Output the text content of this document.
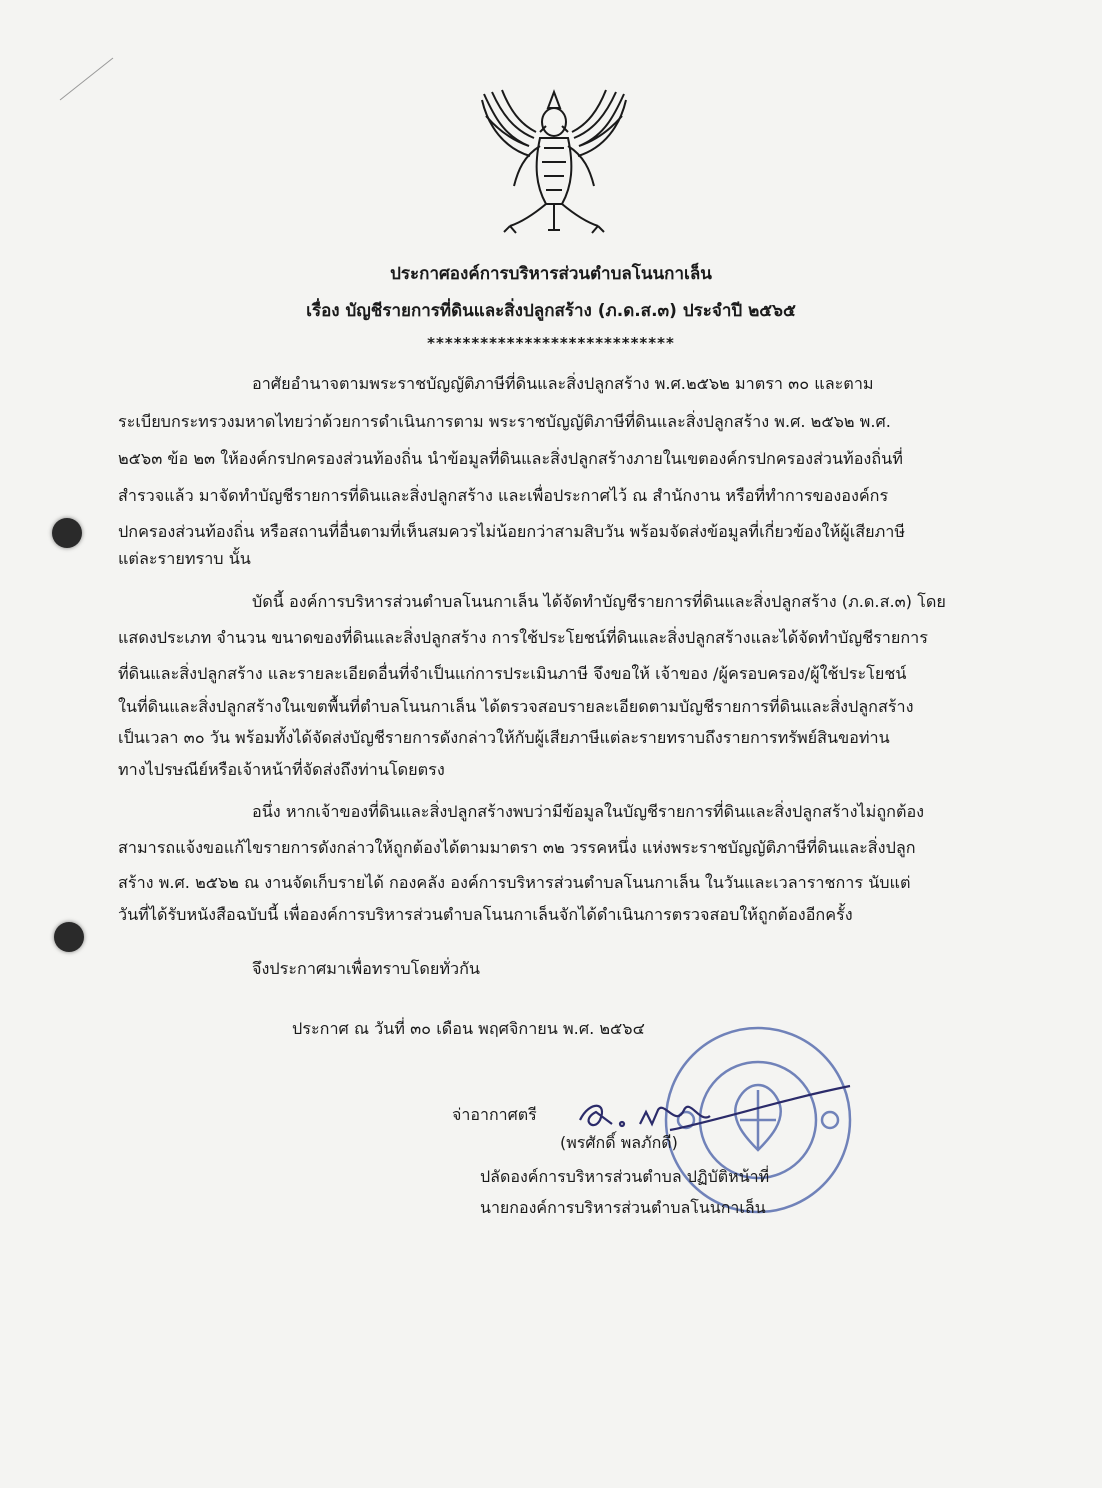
ประกาศองค์การบริหารส่วนตำบลโนนกาเล็น
เรื่อง บัญชีรายการที่ดินและสิ่งปลูกสร้าง (ภ.ด.ส.๓) ประจำปี ๒๕๖๕
****************************
อาศัยอำนาจตามพระราชบัญญัติภาษีที่ดินและสิ่งปลูกสร้าง พ.ศ.๒๕๖๒ มาตรา ๓๐ และตาม
ระเบียบกระทรวงมหาดไทยว่าด้วยการดำเนินการตาม พระราชบัญญัติภาษีที่ดินและสิ่งปลูกสร้าง พ.ศ. ๒๕๖๒ พ.ศ.
๒๕๖๓ ข้อ ๒๓ ให้องค์กรปกครองส่วนท้องถิ่น นำข้อมูลที่ดินและสิ่งปลูกสร้างภายในเขตองค์กรปกครองส่วนท้องถิ่นที่
สำรวจแล้ว มาจัดทำบัญชีรายการที่ดินและสิ่งปลูกสร้าง และเพื่อประกาศไว้ ณ สำนักงาน หรือที่ทำการขององค์กร
ปกครองส่วนท้องถิ่น หรือสถานที่อื่นตามที่เห็นสมควรไม่น้อยกว่าสามสิบวัน พร้อมจัดส่งข้อมูลที่เกี่ยวข้องให้ผู้เสียภาษี
แต่ละรายทราบ นั้น
บัดนี้ องค์การบริหารส่วนตำบลโนนกาเล็น ได้จัดทำบัญชีรายการที่ดินและสิ่งปลูกสร้าง (ภ.ด.ส.๓) โดย
แสดงประเภท จำนวน ขนาดของที่ดินและสิ่งปลูกสร้าง การใช้ประโยชน์ที่ดินและสิ่งปลูกสร้างและได้จัดทำบัญชีรายการ
ที่ดินและสิ่งปลูกสร้าง และรายละเอียดอื่นที่จำเป็นแก่การประเมินภาษี จึงขอให้ เจ้าของ /ผู้ครอบครอง/ผู้ใช้ประโยชน์
ในที่ดินและสิ่งปลูกสร้างในเขตพื้นที่ตำบลโนนกาเล็น ได้ตรวจสอบรายละเอียดตามบัญชีรายการที่ดินและสิ่งปลูกสร้าง
เป็นเวลา ๓๐ วัน พร้อมทั้งได้จัดส่งบัญชีรายการดังกล่าวให้กับผู้เสียภาษีแต่ละรายทราบถึงรายการทรัพย์สินขอท่าน
ทางไปรษณีย์หรือเจ้าหน้าที่จัดส่งถึงท่านโดยตรง
อนึ่ง หากเจ้าของที่ดินและสิ่งปลูกสร้างพบว่ามีข้อมูลในบัญชีรายการที่ดินและสิ่งปลูกสร้างไม่ถูกต้อง
สามารถแจ้งขอแก้ไขรายการดังกล่าวให้ถูกต้องได้ตามมาตรา ๓๒ วรรคหนึ่ง แห่งพระราชบัญญัติภาษีที่ดินและสิ่งปลูก
สร้าง พ.ศ. ๒๕๖๒ ณ งานจัดเก็บรายได้ กองคลัง องค์การบริหารส่วนตำบลโนนกาเล็น ในวันและเวลาราชการ นับแต่
วันที่ได้รับหนังสือฉบับนี้ เพื่อองค์การบริหารส่วนตำบลโนนกาเล็นจักได้ดำเนินการตรวจสอบให้ถูกต้องอีกครั้ง
จึงประกาศมาเพื่อทราบโดยทั่วกัน
ประกาศ ณ วันที่ ๓๐ เดือน พฤศจิกายน พ.ศ. ๒๕๖๔
จ่าอากาศตรี
(พรศักดิ์ พลภักดี)
ปลัดองค์การบริหารส่วนตำบล ปฏิบัติหน้าที่
นายกองค์การบริหารส่วนตำบลโนนกาเล็น
